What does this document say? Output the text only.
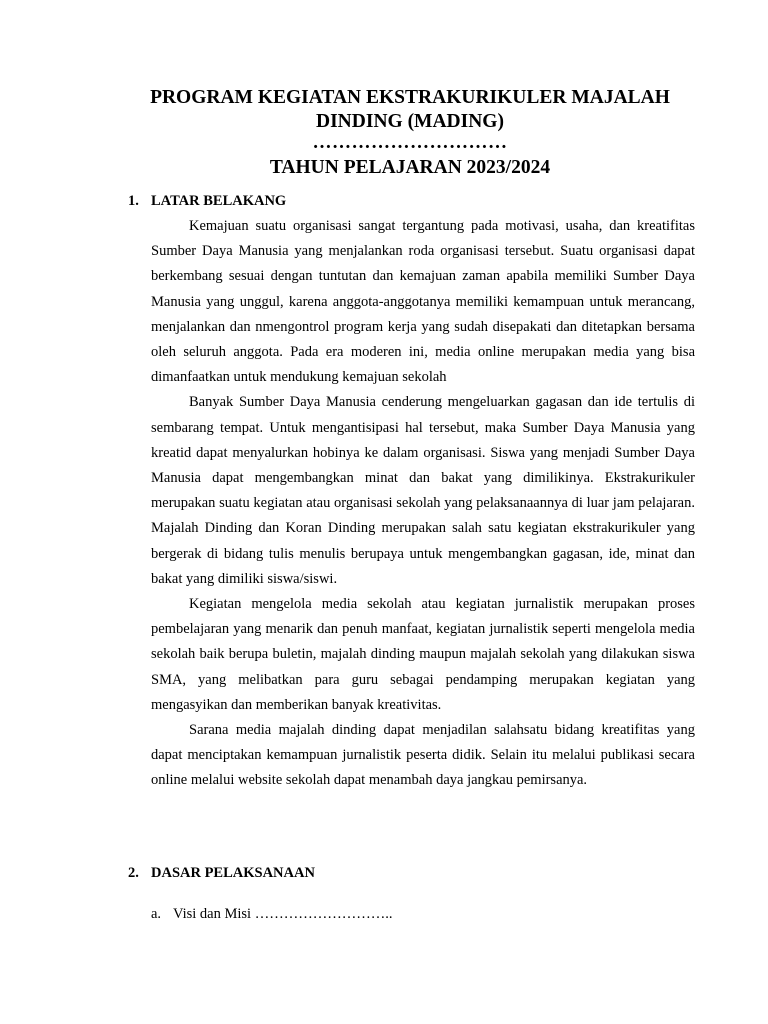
PROGRAM KEGIATAN EKSTRAKURIKULER MAJALAH
DINDING (MADING)
…………………………
TAHUN PELAJARAN 2023/2024
1. LATAR BELAKANG

Kemajuan suatu organisasi sangat tergantung pada motivasi, usaha, dan kreatifitas Sumber Daya Manusia yang menjalankan roda organisasi tersebut. Suatu organisasi dapat berkembang sesuai dengan tuntutan dan kemajuan zaman apabila memiliki Sumber Daya Manusia yang unggul, karena anggota-anggotanya memiliki kemampuan untuk merancang, menjalankan dan nmengontrol program kerja yang sudah disepakati dan ditetapkan bersama oleh seluruh anggota. Pada era moderen ini, media online merupakan media yang bisa dimanfaatkan untuk mendukung kemajuan sekolah

Banyak Sumber Daya Manusia cenderung mengeluarkan gagasan dan ide tertulis di sembarang tempat. Untuk mengantisipasi hal tersebut, maka Sumber Daya Manusia yang kreatid dapat menyalurkan hobinya ke dalam organisasi. Siswa yang menjadi Sumber Daya Manusia dapat mengembangkan minat dan bakat yang dimilikinya. Ekstrakurikuler merupakan suatu kegiatan atau organisasi sekolah yang pelaksanaannya di luar jam pelajaran. Majalah Dinding dan Koran Dinding merupakan salah satu kegiatan ekstrakurikuler yang bergerak di bidang tulis menulis berupaya untuk mengembangkan gagasan, ide, minat dan bakat yang dimiliki siswa/siswi.

Kegiatan mengelola media sekolah atau kegiatan jurnalistik merupakan proses pembelajaran yang menarik dan penuh manfaat, kegiatan jurnalistik seperti mengelola media sekolah baik berupa buletin, majalah dinding maupun majalah sekolah yang dilakukan siswa SMA, yang melibatkan para guru sebagai pendamping merupakan kegiatan yang mengasyikan dan memberikan banyak kreativitas.

Sarana media majalah dinding dapat menjadilan salahsatu bidang kreatifitas yang dapat menciptakan kemampuan jurnalistik peserta didik. Selain itu melalui publikasi secara online melalui website sekolah dapat menambah daya jangkau pemirsanya.

2. DASAR PELAKSANAAN
a. Visi dan Misi ………………………..
